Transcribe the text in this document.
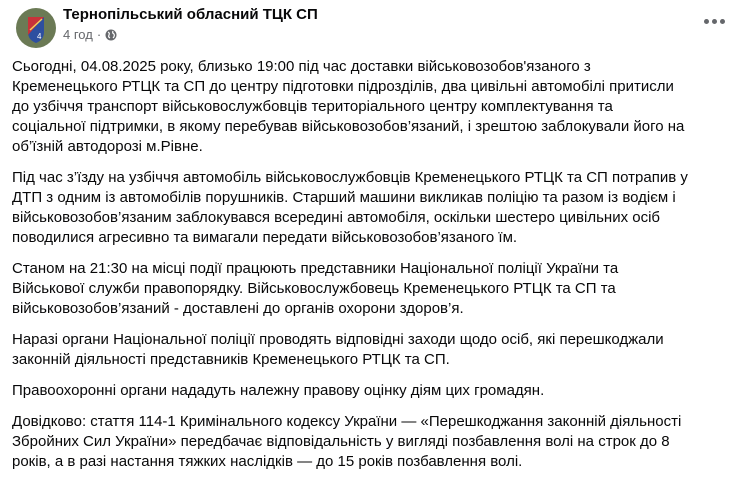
4
Тернопільський обласний ТЦК СП
4 год ·
Сьогодні, 04.08.2025 року, близько 19:00 під час доставки військовозобов'язаного з
Кременецького РТЦК та СП до центру підготовки підрозділів, два цивільні автомобілі притисли
до узбіччя транспорт військовослужбовців територіального центру комплектування та
соціальної підтримки, в якому перебував військовозобов’язаний, і зрештою заблокували його на
об’їзній автодорозі м.Рівне.
Під час з’їзду на узбіччя автомобіль військовослужбовців Кременецького РТЦК та СП потрапив у
ДТП з одним із автомобілів порушників. Старший машини викликав поліцію та разом із водієм і
військовозобов’язаним заблокувався всередині автомобіля, оскільки шестеро цивільних осіб
поводилися агресивно та вимагали передати військовозобов’язаного їм.
Станом на 21:30 на місці події працюють представники Національної поліції України та
Військової служби правопорядку. Військовослужбовець Кременецького РТЦК та СП та
військовозобов’язаний - доставлені до органів охорони здоров’я.
Наразі органи Національної поліції проводять відповідні заходи щодо осіб, які перешкоджали
законній діяльності представників Кременецького РТЦК та СП.
Правоохоронні органи нададуть належну правову оцінку діям цих громадян.
Довідково: стаття 114-1 Кримінального кодексу України — «Перешкоджання законній діяльності
Збройних Сил України» передбачає відповідальність у вигляді позбавлення волі на строк до 8
років, а в разі настання тяжких наслідків — до 15 років позбавлення волі.
